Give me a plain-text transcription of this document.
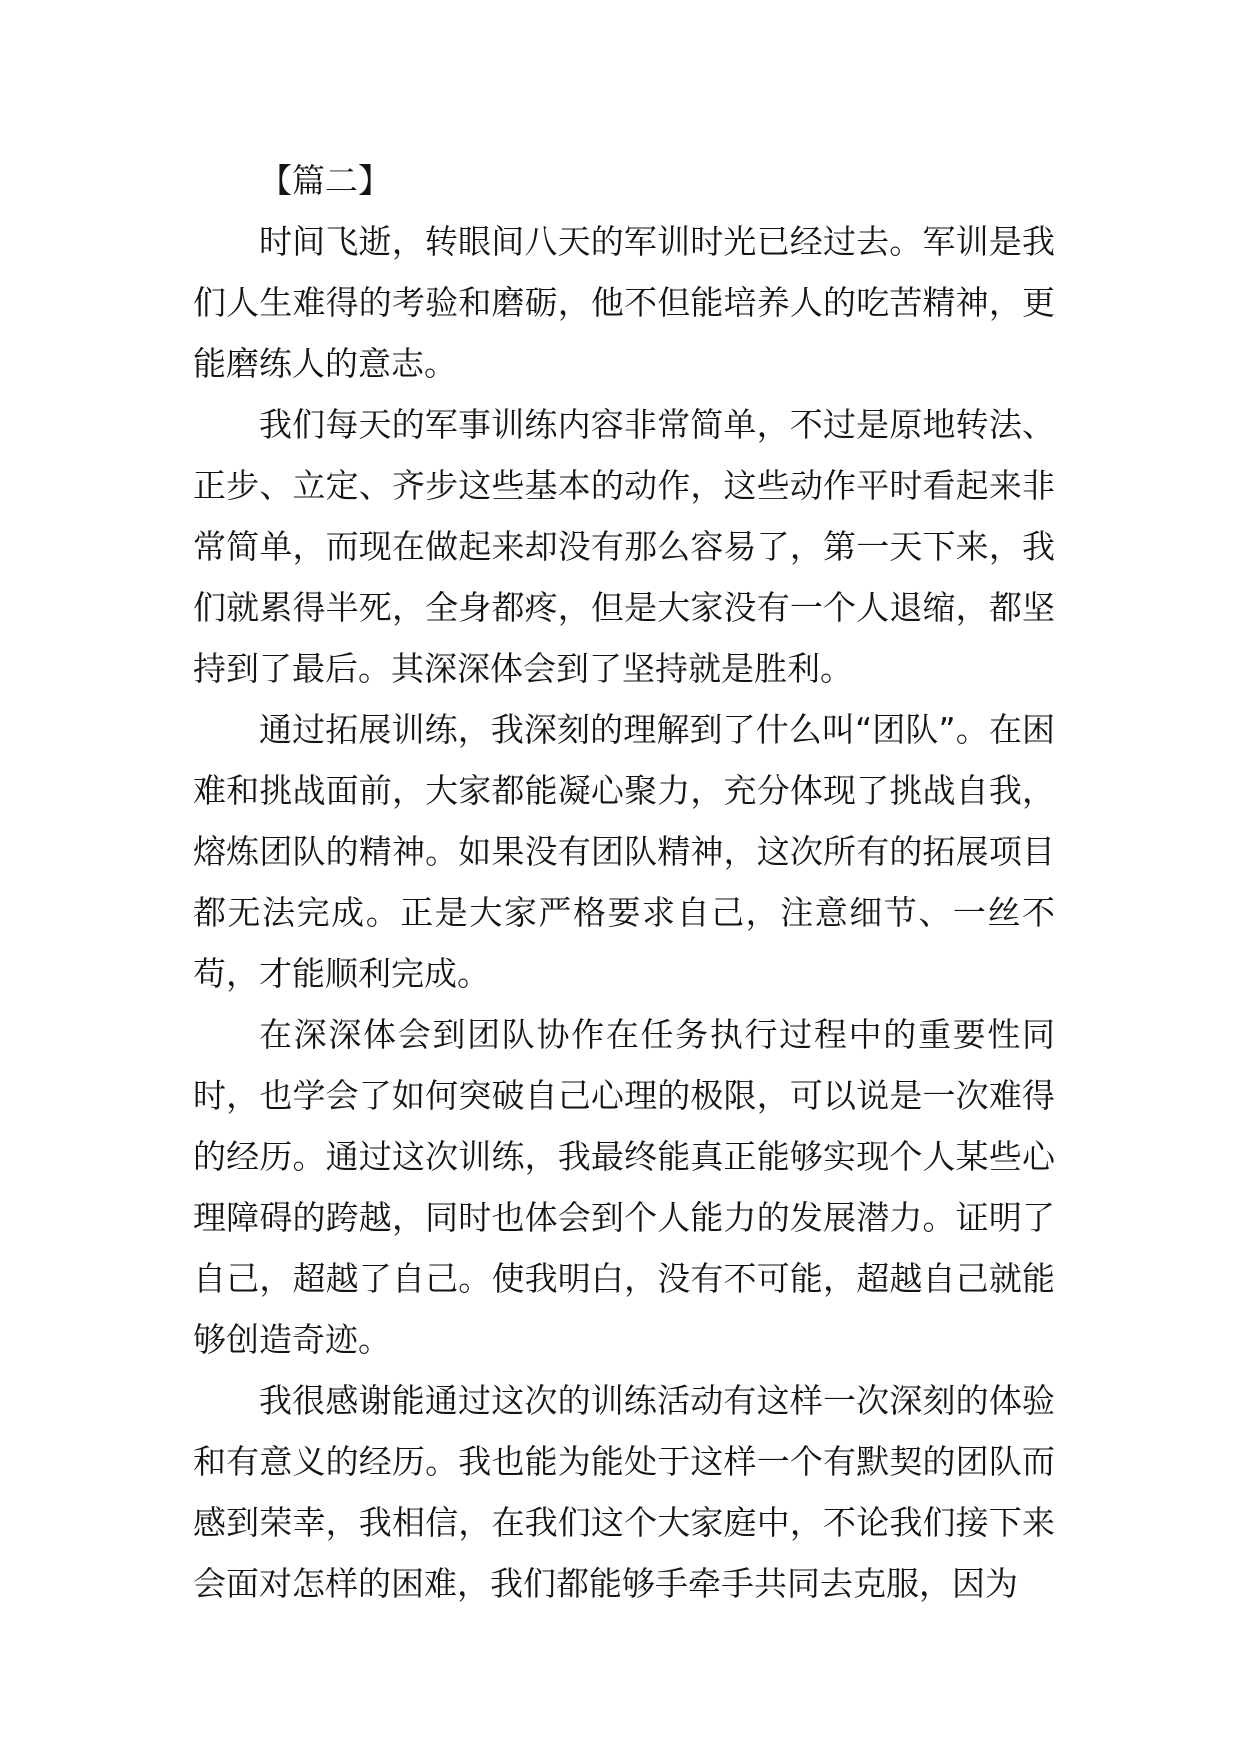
【篇二】

时间飞逝，转眼间八天的军训时光已经过去。军训是我们人生难得的考验和磨砺，他不但能培养人的吃苦精神，更能磨练人的意志。

我们每天的军事训练内容非常简单，不过是原地转法、正步、立定、齐步这些基本的动作，这些动作平时看起来非常简单，而现在做起来却没有那么容易了，第一天下来，我们就累得半死，全身都疼，但是大家没有一个人退缩，都坚持到了最后。其深深体会到了坚持就是胜利。

通过拓展训练，我深刻的理解到了什么叫“团队”。在困难和挑战面前，大家都能凝心聚力，充分体现了挑战自我，熔炼团队的精神。如果没有团队精神，这次所有的拓展项目都无法完成。正是大家严格要求自己，注意细节、一丝不苟，才能顺利完成。

在深深体会到团队协作在任务执行过程中的重要性同时，也学会了如何突破自己心理的极限，可以说是一次难得的经历。通过这次训练，我最终能真正能够实现个人某些心理障碍的跨越，同时也体会到个人能力的发展潜力。证明了自己，超越了自己。使我明白，没有不可能，超越自己就能够创造奇迹。

我很感谢能通过这次的训练活动有这样一次深刻的体验和有意义的经历。我也能为能处于这样一个有默契的团队而感到荣幸，我相信，在我们这个大家庭中，不论我们接下来会面对怎样的困难，我们都能够手牵手共同去克服，因为
